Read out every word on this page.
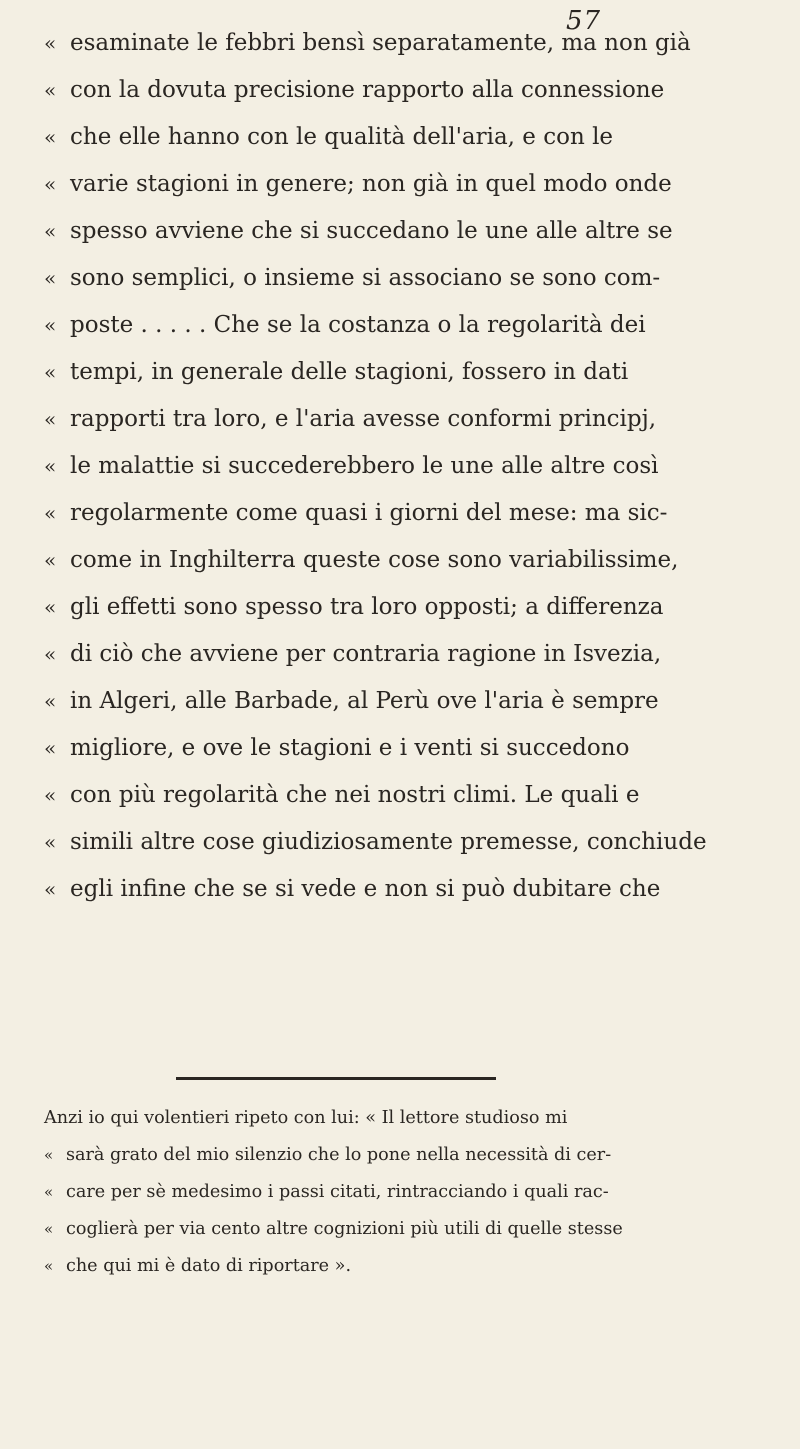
57
« esaminate le febbri bensì separatamente, ma non già
« con la dovuta precisione rapporto alla connessione
« che elle hanno con le qualità dell'aria, e con le
« varie stagioni in genere; non già in quel modo onde
« spesso avviene che si succedano le une alle altre se
« sono semplici, o insieme si associano se sono com-
« poste . . . . . Che se la costanza o la regolarità dei
« tempi, in generale delle stagioni, fossero in dati
« rapporti tra loro, e l'aria avesse conformi principj,
« le malattie si succederebbero le une alle altre così
« regolarmente come quasi i giorni del mese: ma sic-
« come in Inghilterra queste cose sono variabilissime,
« gli effetti sono spesso tra loro opposti; a differenza
« di ciò che avviene per contraria ragione in Isvezia,
« in Algeri, alle Barbade, al Perù ove l'aria è sempre
« migliore, e ove le stagioni e i venti si succedono
« con più regolarità che nei nostri climi. Le quali e
« simili altre cose giudiziosamente premesse, conchiude
« egli infine che se si vede e non si può dubitare che
Anzi io qui volentieri ripeto con lui: « Il lettore studioso mi
« sarà grato del mio silenzio che lo pone nella necessità di cer-
« care per sè medesimo i passi citati, rintracciando i quali rac-
« coglierà per via cento altre cognizioni più utili di quelle stesse
« che qui mi è dato di riportare ».
